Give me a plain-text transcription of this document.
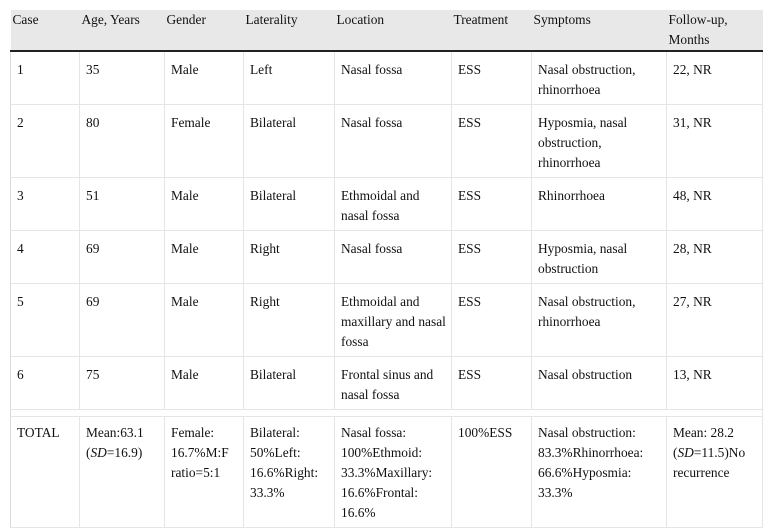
Case	Age, Years	Gender	Laterality	Location	Treatment	Symptoms	Follow-up,
Months

1	35	Male	Left	Nasal fossa	ESS	Nasal obstruction, rhinorrhoea	22, NR
2	80	Female	Bilateral	Nasal fossa	ESS	Hyposmia, nasal obstruction, rhinorrhoea	31, NR
3	51	Male	Bilateral	Ethmoidal and nasal fossa	ESS	Rhinorrhoea	48, NR
4	69	Male	Right	Nasal fossa	ESS	Hyposmia, nasal obstruction	28, NR
5	69	Male	Right	Ethmoidal and maxillary and nasal fossa	ESS	Nasal obstruction, rhinorrhoea	27, NR
6	75	Male	Bilateral	Frontal sinus and nasal fossa	ESS	Nasal obstruction	13, NR

TOTAL	Mean:63.1 (SD=16.9)	Female: 16.7%M:F ratio=5:1	Bilateral: 50%Left: 16.6%Right: 33.3%	Nasal fossa: 100%Ethmoid: 33.3%Maxillary: 16.6%Frontal: 16.6%	100%ESS	Nasal obstruction: 83.3%Rhinorrhoea: 66.6%Hyposmia: 33.3%	Mean: 28.2 (SD=11.5)No recurrence
